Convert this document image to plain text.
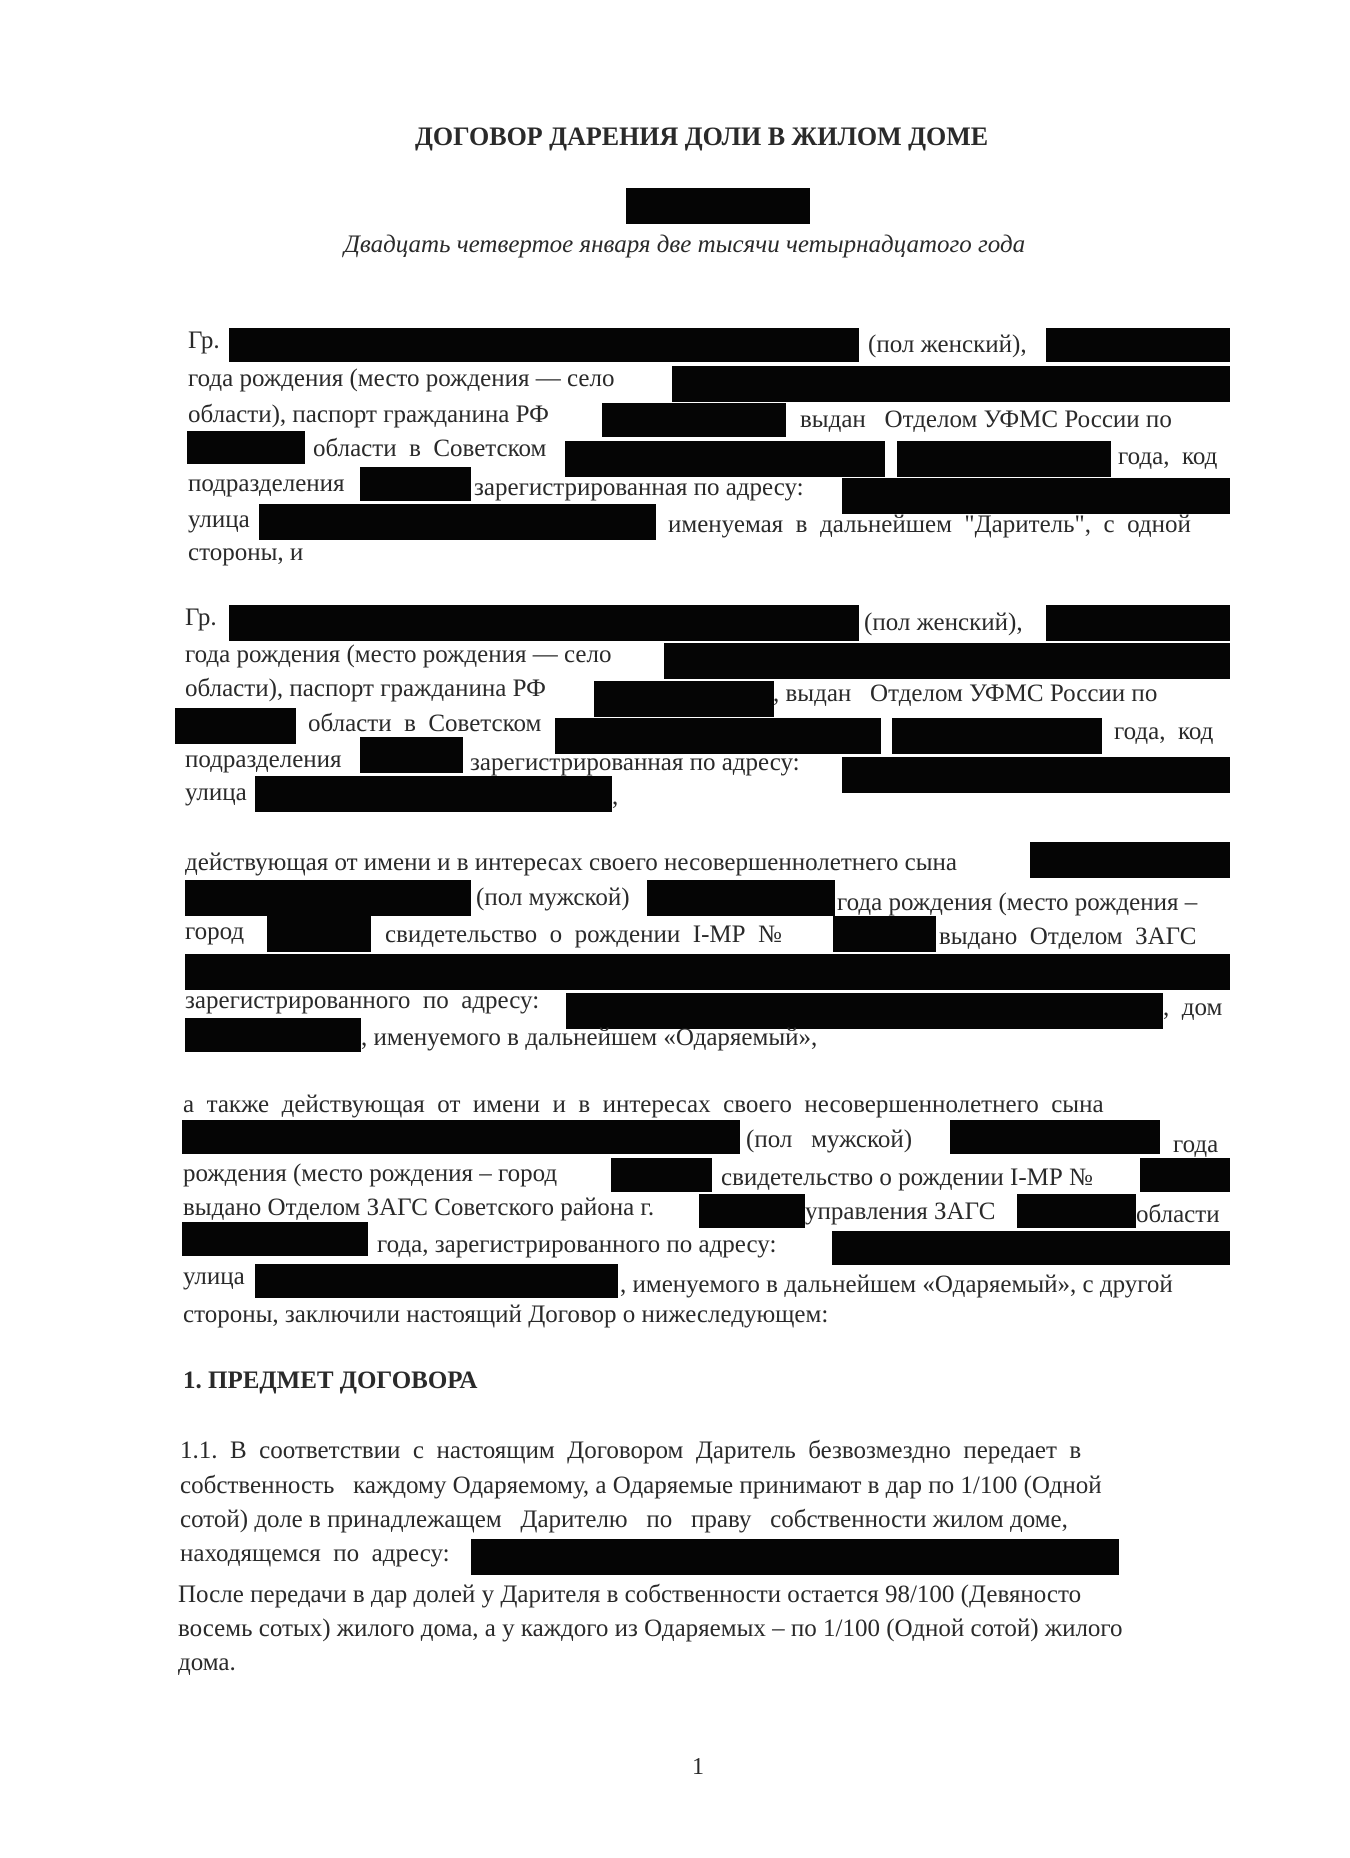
ДОГОВОР ДАРЕНИЯ ДОЛИ В ЖИЛОМ ДОМЕ
Двадцать четвертое января две тысячи четырнадцатого года
Гр.	(пол женский),
года рождения (место рождения — село
области), паспорт гражданина РФ	выдан   Отделом УФМС России по
области  в  Советском	года,  код
подразделения	зарегистрированная по адресу:
улица	именуемая  в  дальнейшем  "Даритель",  с  одной
стороны, и
Гр.	(пол женский),
года рождения (место рождения — село
области), паспорт гражданина РФ	, выдан   Отделом УФМС России по
области  в  Советском	года,  код
подразделения	зарегистрированная по адресу:
улица	,
действующая от имени и в интересах своего несовершеннолетнего сына
(пол мужской)	года рождения (место рождения –
город	свидетельство  о  рождении  I-МР  №	выдано  Отделом  ЗАГС
зарегистрированного  по  адресу:	,  дом
, именуемого в дальнейшем «Одаряемый»,
а  также  действующая  от  имени  и  в  интересах  своего  несовершеннолетнего  сына
(пол   мужской)	года
рождения (место рождения – город	свидетельство о рождении I-МР №
выдано Отделом ЗАГС Советского района г.	управления ЗАГС	области
года, зарегистрированного по адресу:
улица	, именуемого в дальнейшем «Одаряемый», с другой
стороны, заключили настоящий Договор о нижеследующем:
1. ПРЕДМЕТ ДОГОВОРА
1.1.  В  соответствии  с  настоящим  Договором  Даритель  безвозмездно  передает  в
собственность   каждому Одаряемому, а Одаряемые принимают в дар по 1/100 (Одной
сотой) доле в принадлежащем   Дарителю   по   праву   собственности жилом доме,
находящемся  по  адресу:
После передачи в дар долей у Дарителя в собственности остается 98/100 (Девяносто
восемь сотых) жилого дома, а у каждого из Одаряемых – по 1/100 (Одной сотой) жилого
дома.
1
